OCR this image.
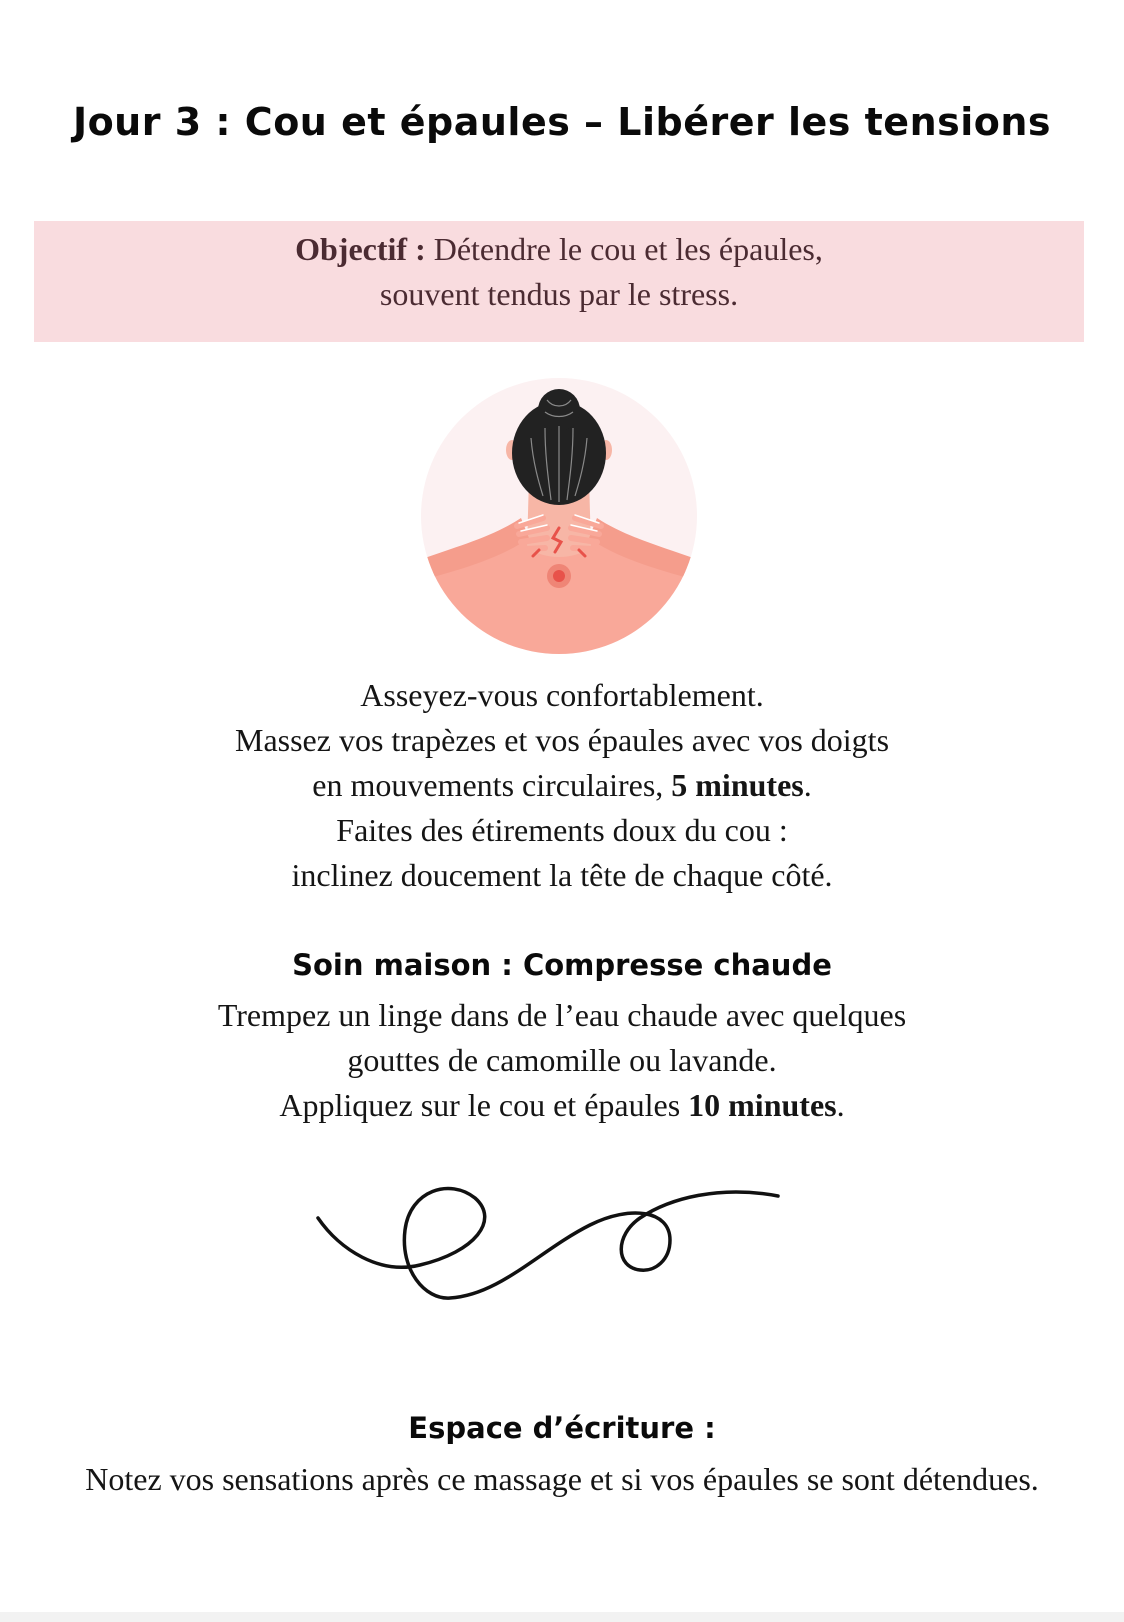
Jour 3 : Cou et épaules – Libérer les tensions
Objectif : Détendre le cou et les épaules,
souvent tendus par le stress.
Asseyez-vous confortablement.
Massez vos trapèzes et vos épaules avec vos doigts
en mouvements circulaires, 5 minutes.
Faites des étirements doux du cou :
inclinez doucement la tête de chaque côté.
Soin maison : Compresse chaude
Trempez un linge dans de l’eau chaude avec quelques
gouttes de camomille ou lavande.
Appliquez sur le cou et épaules 10 minutes.
Espace d’écriture :
Notez vos sensations après ce massage et si vos épaules se sont détendues.
